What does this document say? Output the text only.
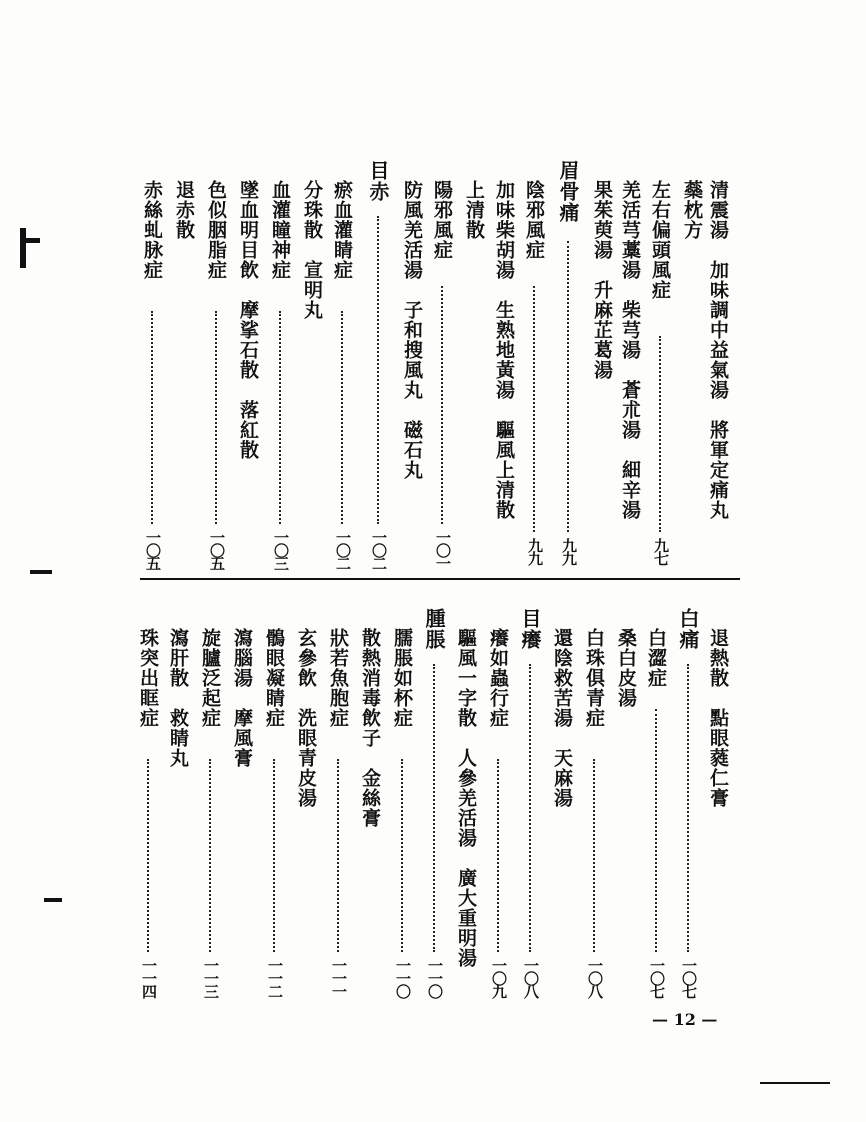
清震湯　加味調中益氣湯　將軍定痛丸
蘂枕方
左右偏頭風症
九七
羌活芎藁湯　柴芎湯　蒼朮湯　細辛湯
果茱萸湯　升麻芷葛湯
眉骨痛
九九
陰邪風症
九九
加味柴胡湯　生熟地黃湯　驅風上清散
上清散
陽邪風症
一〇一
防風羌活湯　子和搜風丸　磁石丸
目赤
一〇二
瘀血灌睛症
一〇二
分珠散　宣明丸
血灌瞳神症
一〇三
墜血明目飲　摩挲石散　落紅散
色似胭脂症
一〇五
退赤散
赤絲虬脉症
一〇五
退熱散　點眼蕤仁膏
白痛
一〇七
白澀症
一〇七
桑白皮湯
白珠俱青症
一〇八
還陰救苦湯　天麻湯
目癢
一〇八
癢如蟲行症
一〇九
驅風一字散　人參羌活湯　廣大重明湯
腫脹
一一〇
臑脹如杯症
一一〇
散熱消毒飲子　金絲膏
狀若魚胞症
一一一
玄參飲　洗眼青皮湯
鶻眼凝睛症
一一二
瀉腦湯　摩風膏
旋臚泛起症
一一三
瀉肝散　救睛丸
珠突出眶症
一一四
— 12 —
